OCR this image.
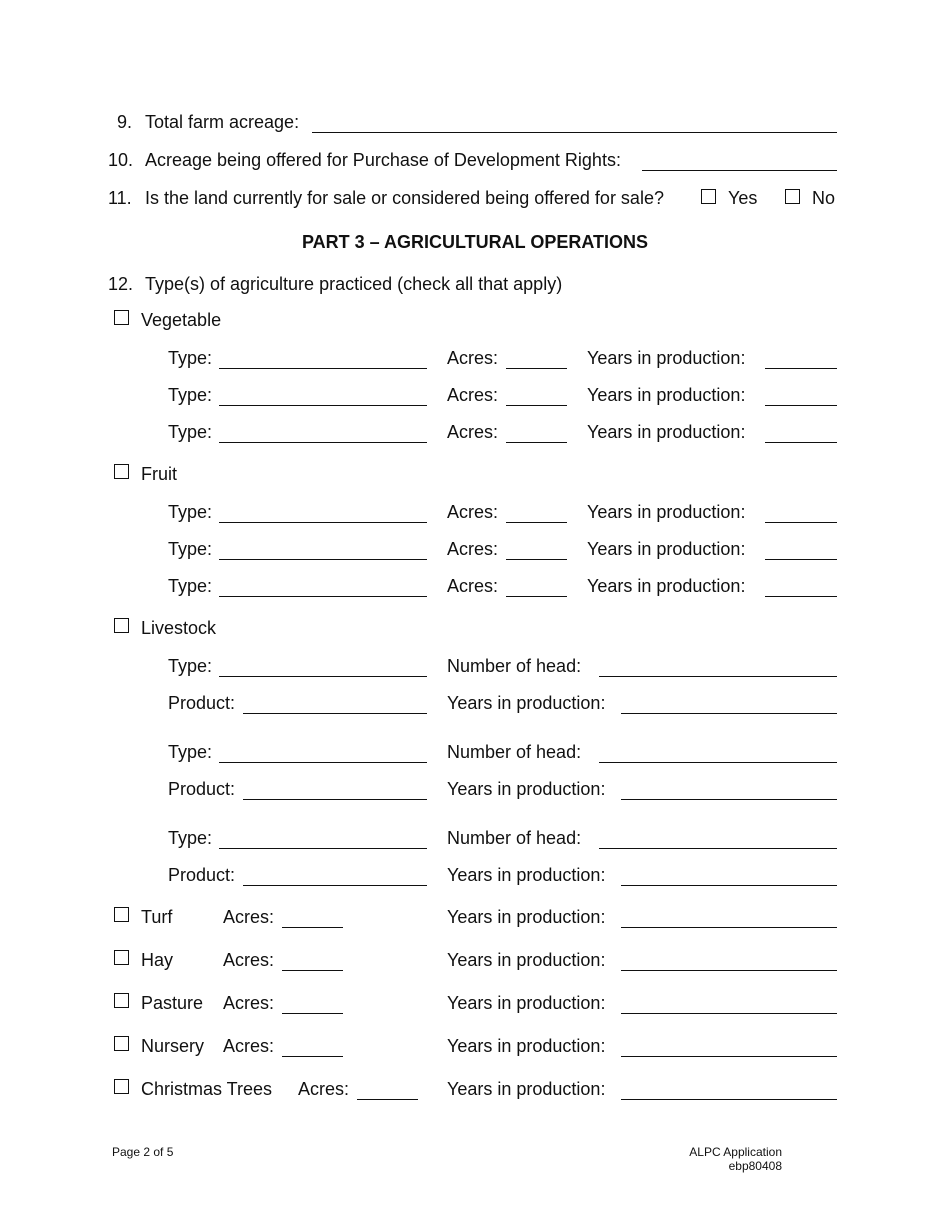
9. Total farm acreage:
10. Acreage being offered for Purchase of Development Rights:
11. Is the land currently for sale or considered being offered for sale?	Yes	No
PART 3 – AGRICULTURAL OPERATIONS
12. Type(s) of agriculture practiced (check all that apply)
Vegetable
Type:	Acres:	Years in production:
Type:	Acres:	Years in production:
Type:	Acres:	Years in production:
Fruit
Type:	Acres:	Years in production:
Type:	Acres:	Years in production:
Type:	Acres:	Years in production:
Livestock
Type:	Number of head:
Product:	Years in production:
Type:	Number of head:
Product:	Years in production:
Type:	Number of head:
Product:	Years in production:
Turf	Acres:	Years in production:
Hay	Acres:	Years in production:
Pasture Acres:	Years in production:
Nursery Acres:	Years in production:
Christmas Trees Acres:	Years in production:
Page 2 of 5	ALPC Application
ebp80408
